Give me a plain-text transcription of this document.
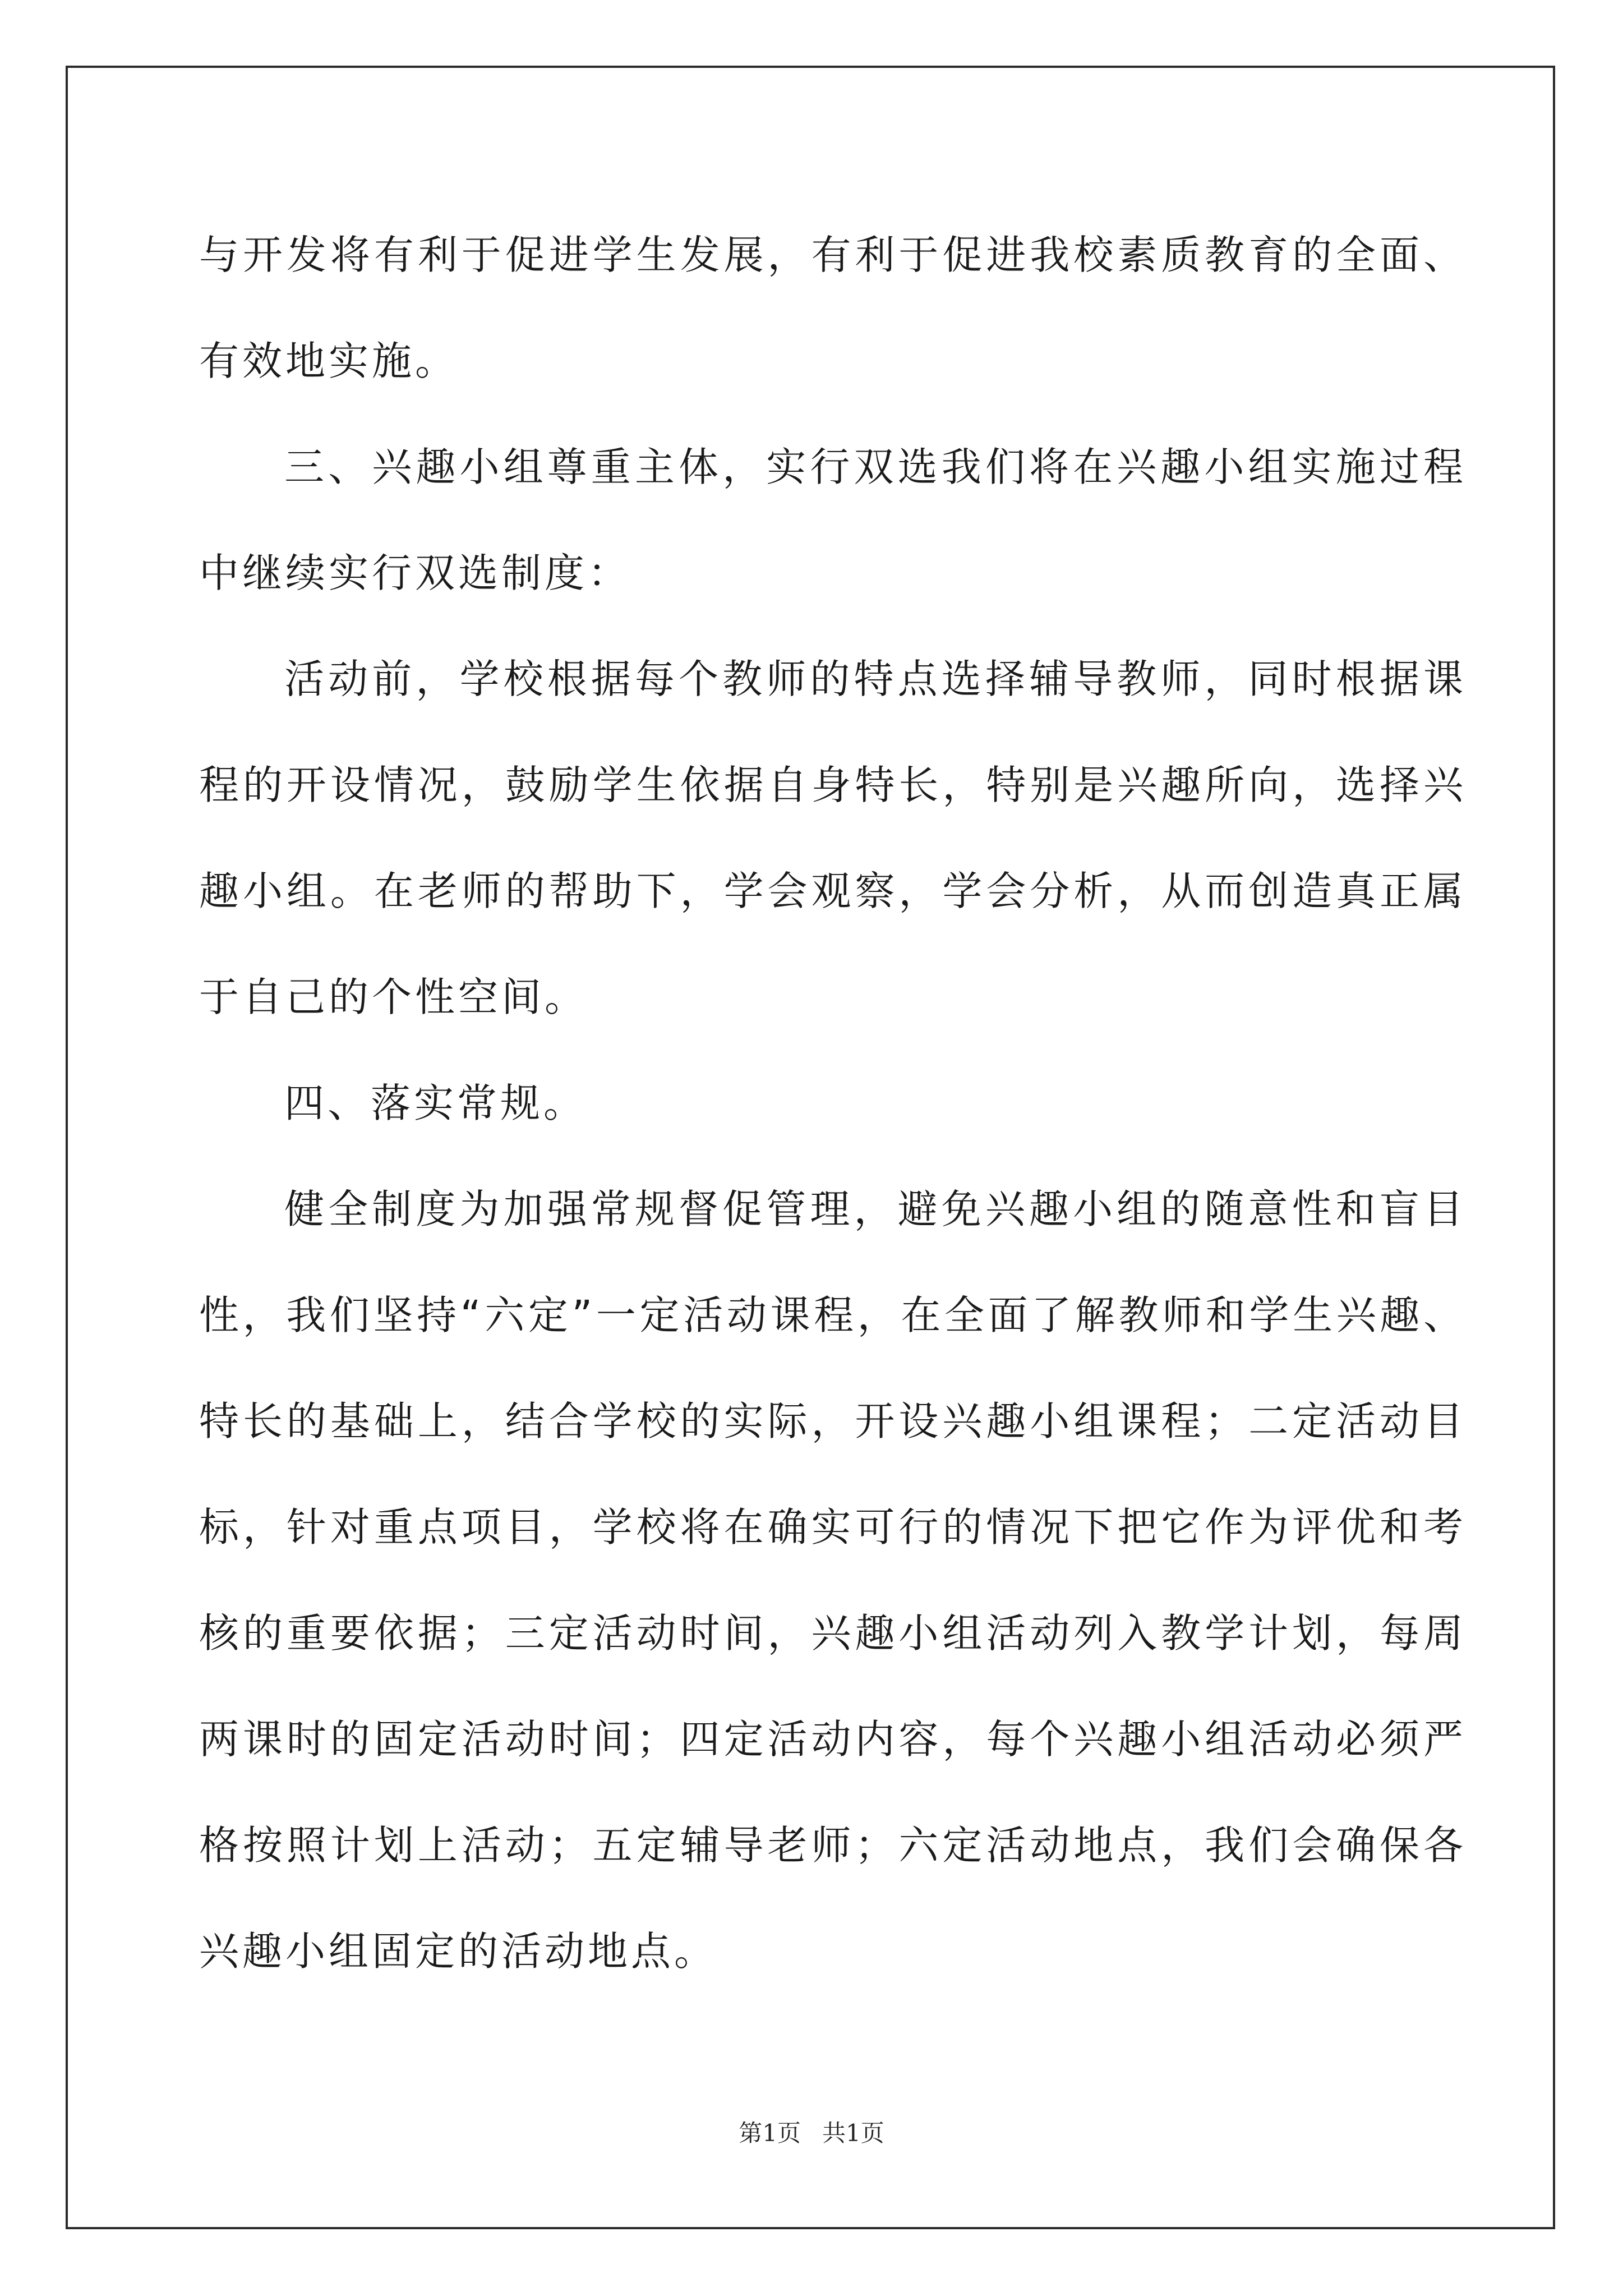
与开发将有利于促进学生发展，有利于促进我校素质教育的全面、有效地实施。

三、兴趣小组尊重主体，实行双选我们将在兴趣小组实施过程中继续实行双选制度：

活动前，学校根据每个教师的特点选择辅导教师，同时根据课程的开设情况，鼓励学生依据自身特长，特别是兴趣所向，选择兴趣小组。在老师的帮助下，学会观察，学会分析，从而创造真正属于自己的个性空间。

四、落实常规。

健全制度为加强常规督促管理，避免兴趣小组的随意性和盲目性，我们坚持“六定”一定活动课程，在全面了解教师和学生兴趣、特长的基础上，结合学校的实际，开设兴趣小组课程；二定活动目标，针对重点项目，学校将在确实可行的情况下把它作为评优和考核的重要依据；三定活动时间，兴趣小组活动列入教学计划，每周两课时的固定活动时间；四定活动内容，每个兴趣小组活动必须严格按照计划上活动；五定辅导老师；六定活动地点，我们会确保各兴趣小组固定的活动地点。

第1页 共1页
